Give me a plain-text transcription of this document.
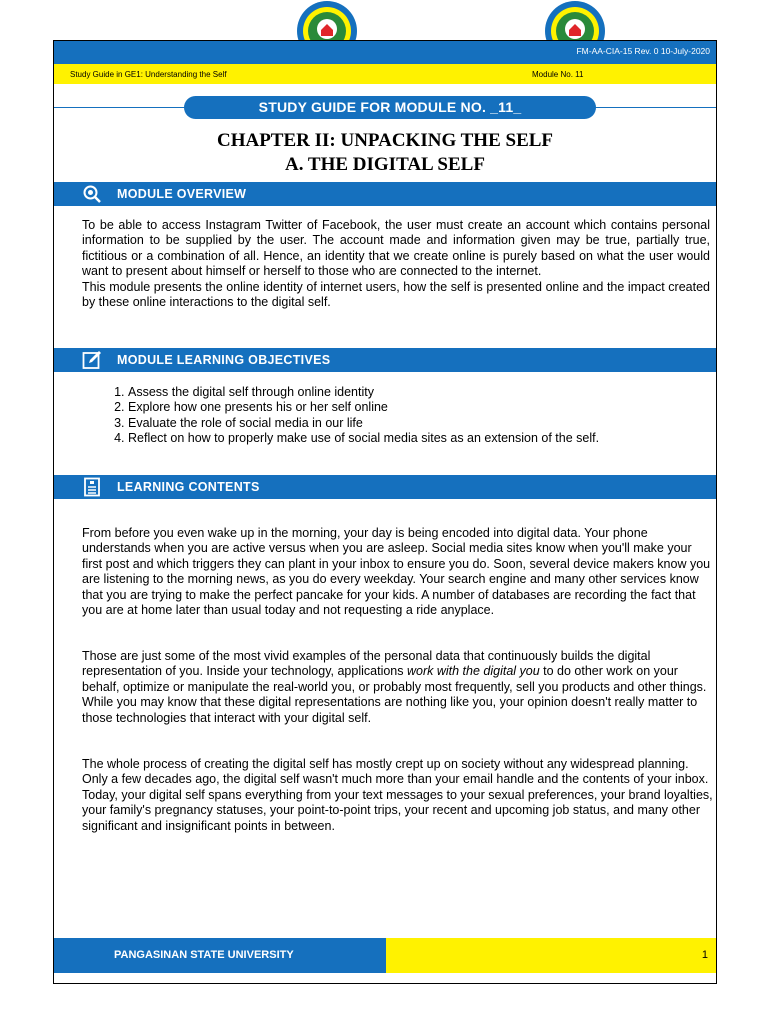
FM-AA-CIA-15 Rev. 0 10-July-2020
Study Guide in GE1: Understanding the Self	Module No. 11
STUDY GUIDE FOR MODULE NO. _11_
CHAPTER II: UNPACKING THE SELF
A. THE DIGITAL SELF
MODULE OVERVIEW

To be able to access Instagram Twitter of Facebook, the user must create an account which contains personal information to be supplied by the user. The account made and information given may be true, partially true, fictitious or a combination of all. Hence, an identity that we create online is purely based on what the user would want to present about himself or herself to those who are connected to the internet.

This module presents the online identity of internet users, how the self is presented online and the impact created by these online interactions to the digital self.

MODULE LEARNING OBJECTIVES
1. Assess the digital self through online identity
2. Explore how one presents his or her self online
3. Evaluate the role of social media in our life
4. Reflect on how to properly make use of social media sites as an extension of the self.
LEARNING CONTENTS
From before you even wake up in the morning, your day is being encoded into digital data. Your phone understands when you are active versus when you are asleep. Social media sites know when you'll make your first post and which triggers they can plant in your inbox to ensure you do. Soon, several device makers know you are listening to the morning news, as you do every weekday. Your search engine and many other services know that you are trying to make the perfect pancake for your kids. A number of databases are recording the fact that you are at home later than usual today and not requesting a ride anyplace.
Those are just some of the most vivid examples of the personal data that continuously builds the digital representation of you. Inside your technology, applications work with the digital you to do other work on your behalf, optimize or manipulate the real-world you, or probably most frequently, sell you products and other things. While you may know that these digital representations are nothing like you, your opinion doesn't really matter to those technologies that interact with your digital self.
The whole process of creating the digital self has mostly crept up on society without any widespread planning. Only a few decades ago, the digital self wasn't much more than your email handle and the contents of your inbox. Today, your digital self spans everything from your text messages to your sexual preferences, your brand loyalties, your family's pregnancy statuses, your point-to-point trips, your recent and upcoming job status, and many other significant and insignificant points in between.
PANGASINAN STATE UNIVERSITY	1
